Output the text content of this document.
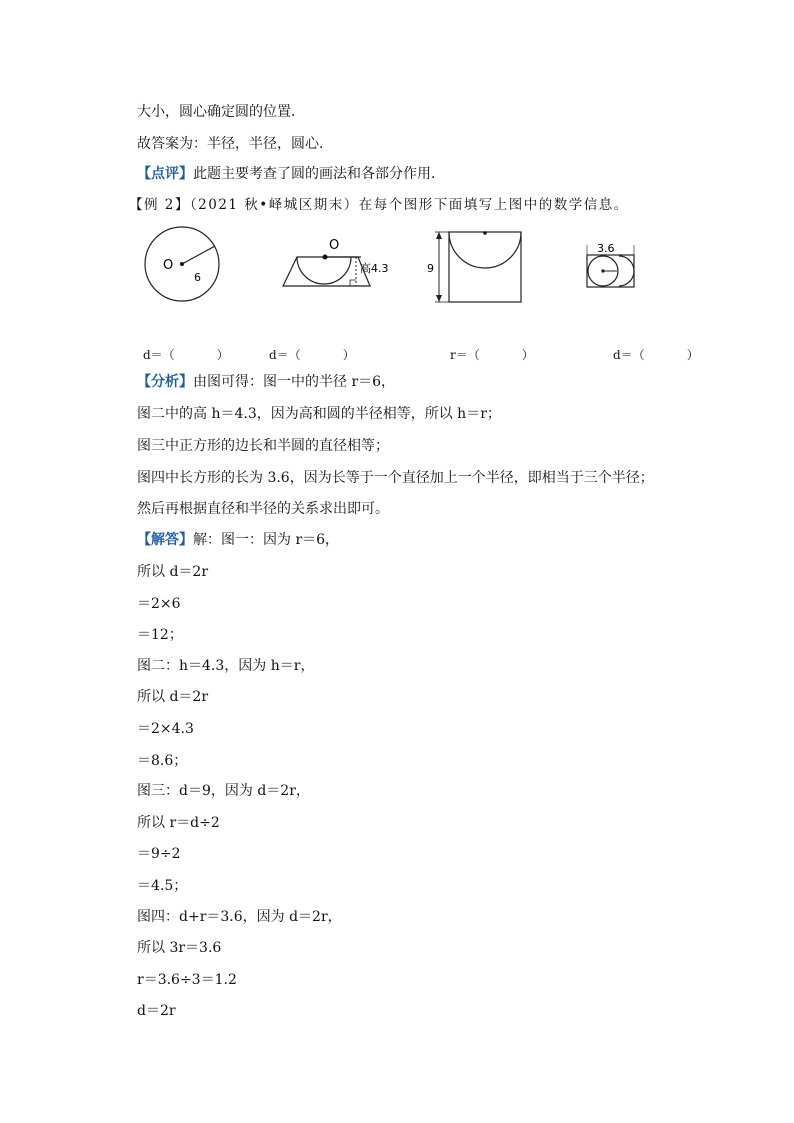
大小，圆心确定圆的位置．
故答案为：半径，半径，圆心．
【点评】此题主要考查了圆的画法和各部分作用．
【例 2】（2021 秋•峄城区期末）在每个图形下面填写上图中的数学信息。
O
6
O
高4.3	9
3.6
d＝（	）	d＝（	）	r＝（	）	d＝（	）
【分析】由图可得：图一中的半径 r＝6，
图二中的高 h＝4.3，因为高和圆的半径相等，所以 h＝r；
图三中正方形的边长和半圆的直径相等；
图四中长方形的长为 3.6，因为长等于一个直径加上一个半径，即相当于三个半径；
然后再根据直径和半径的关系求出即可。
【解答】解：图一：因为 r＝6，
所以 d＝2r
＝2×6
＝12；
图二：h＝4.3，因为 h＝r，
所以 d＝2r
＝2×4.3
＝8.6；
图三：d＝9，因为 d＝2r，
所以 r＝d÷2
＝9÷2
＝4.5；
图四：d+r＝3.6，因为 d＝2r，
所以 3r＝3.6
r＝3.6÷3＝1.2
d＝2r
